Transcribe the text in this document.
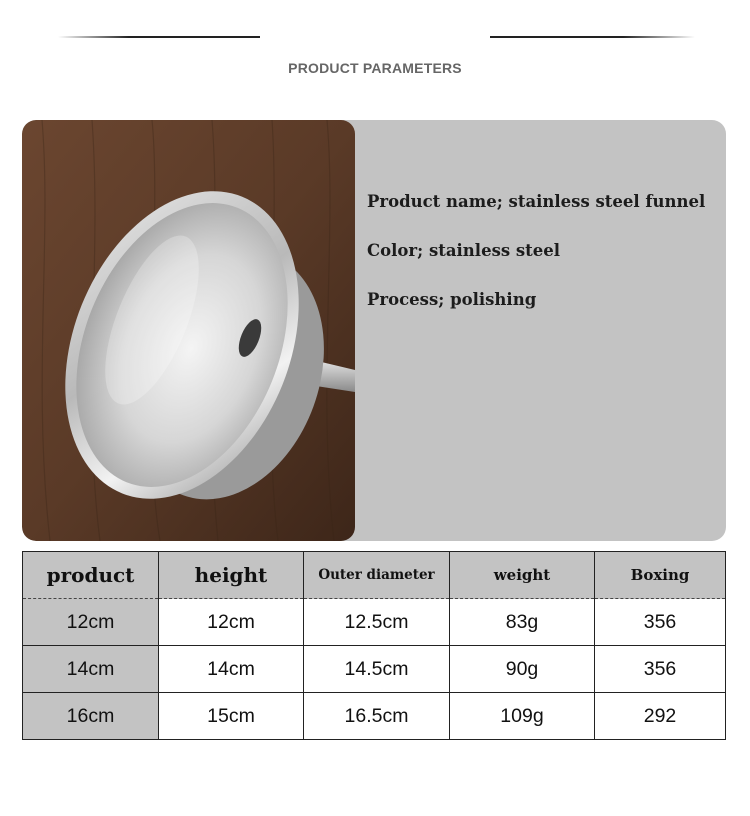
PRODUCT PARAMETERS
Product name; stainless steel funnel
Color; stainless steel
Process; polishing
product	height	Outer diameter	weight	Boxing
12cm	12cm	12.5cm	83g	356
14cm	14cm	14.5cm	90g	356
16cm	15cm	16.5cm	109g	292
